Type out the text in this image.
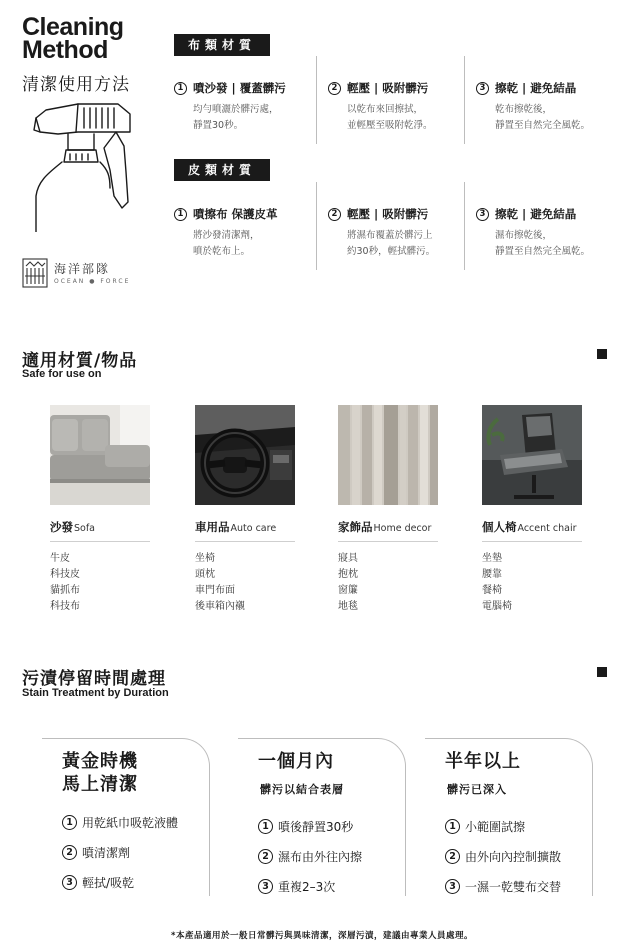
Cleaning
Method
清潔使用方法
海洋部隊
OCEAN ● FORCE
布類材質
1 噴沙發 | 覆蓋髒污
均勻噴灑於髒污處，
靜置30秒。
2 輕壓 | 吸附髒污
以乾布來回擦拭，
並輕壓至吸附乾淨。
3 擦乾 | 避免結晶
乾布擦乾後，
靜置至自然完全風乾。
皮類材質
1 噴擦布 保護皮革
將沙發清潔劑，
噴於乾布上。
2 輕壓 | 吸附髒污
將濕布覆蓋於髒污上
約30秒，輕拭髒污。
3 擦乾 | 避免結晶
濕布擦乾後，
靜置至自然完全風乾。
適用材質/物品
Safe for use on
沙發 Sofa
牛皮
科技皮
貓抓布
科技布
車用品 Auto care
坐椅
頭枕
車門布面
後車箱內襯
家飾品 Home decor
寢具
抱枕
窗簾
地毯
個人椅 Accent chair
坐墊
腰靠
餐椅
電腦椅
污漬停留時間處理
Stain Treatment by Duration
黃金時機
馬上清潔
1 用乾紙巾吸乾液體
2 噴清潔劑
3 輕拭/吸乾
一個月內
髒污以結合表層
1 噴後靜置30秒
2 濕布由外往內擦
3 重複2–3次
半年以上
髒污已深入
1 小範圍試擦
2 由外向內控制擴散
3 一濕一乾雙布交替
*本產品適用於一般日常髒污與異味清潔，深層污漬，建議由專業人員處理。
